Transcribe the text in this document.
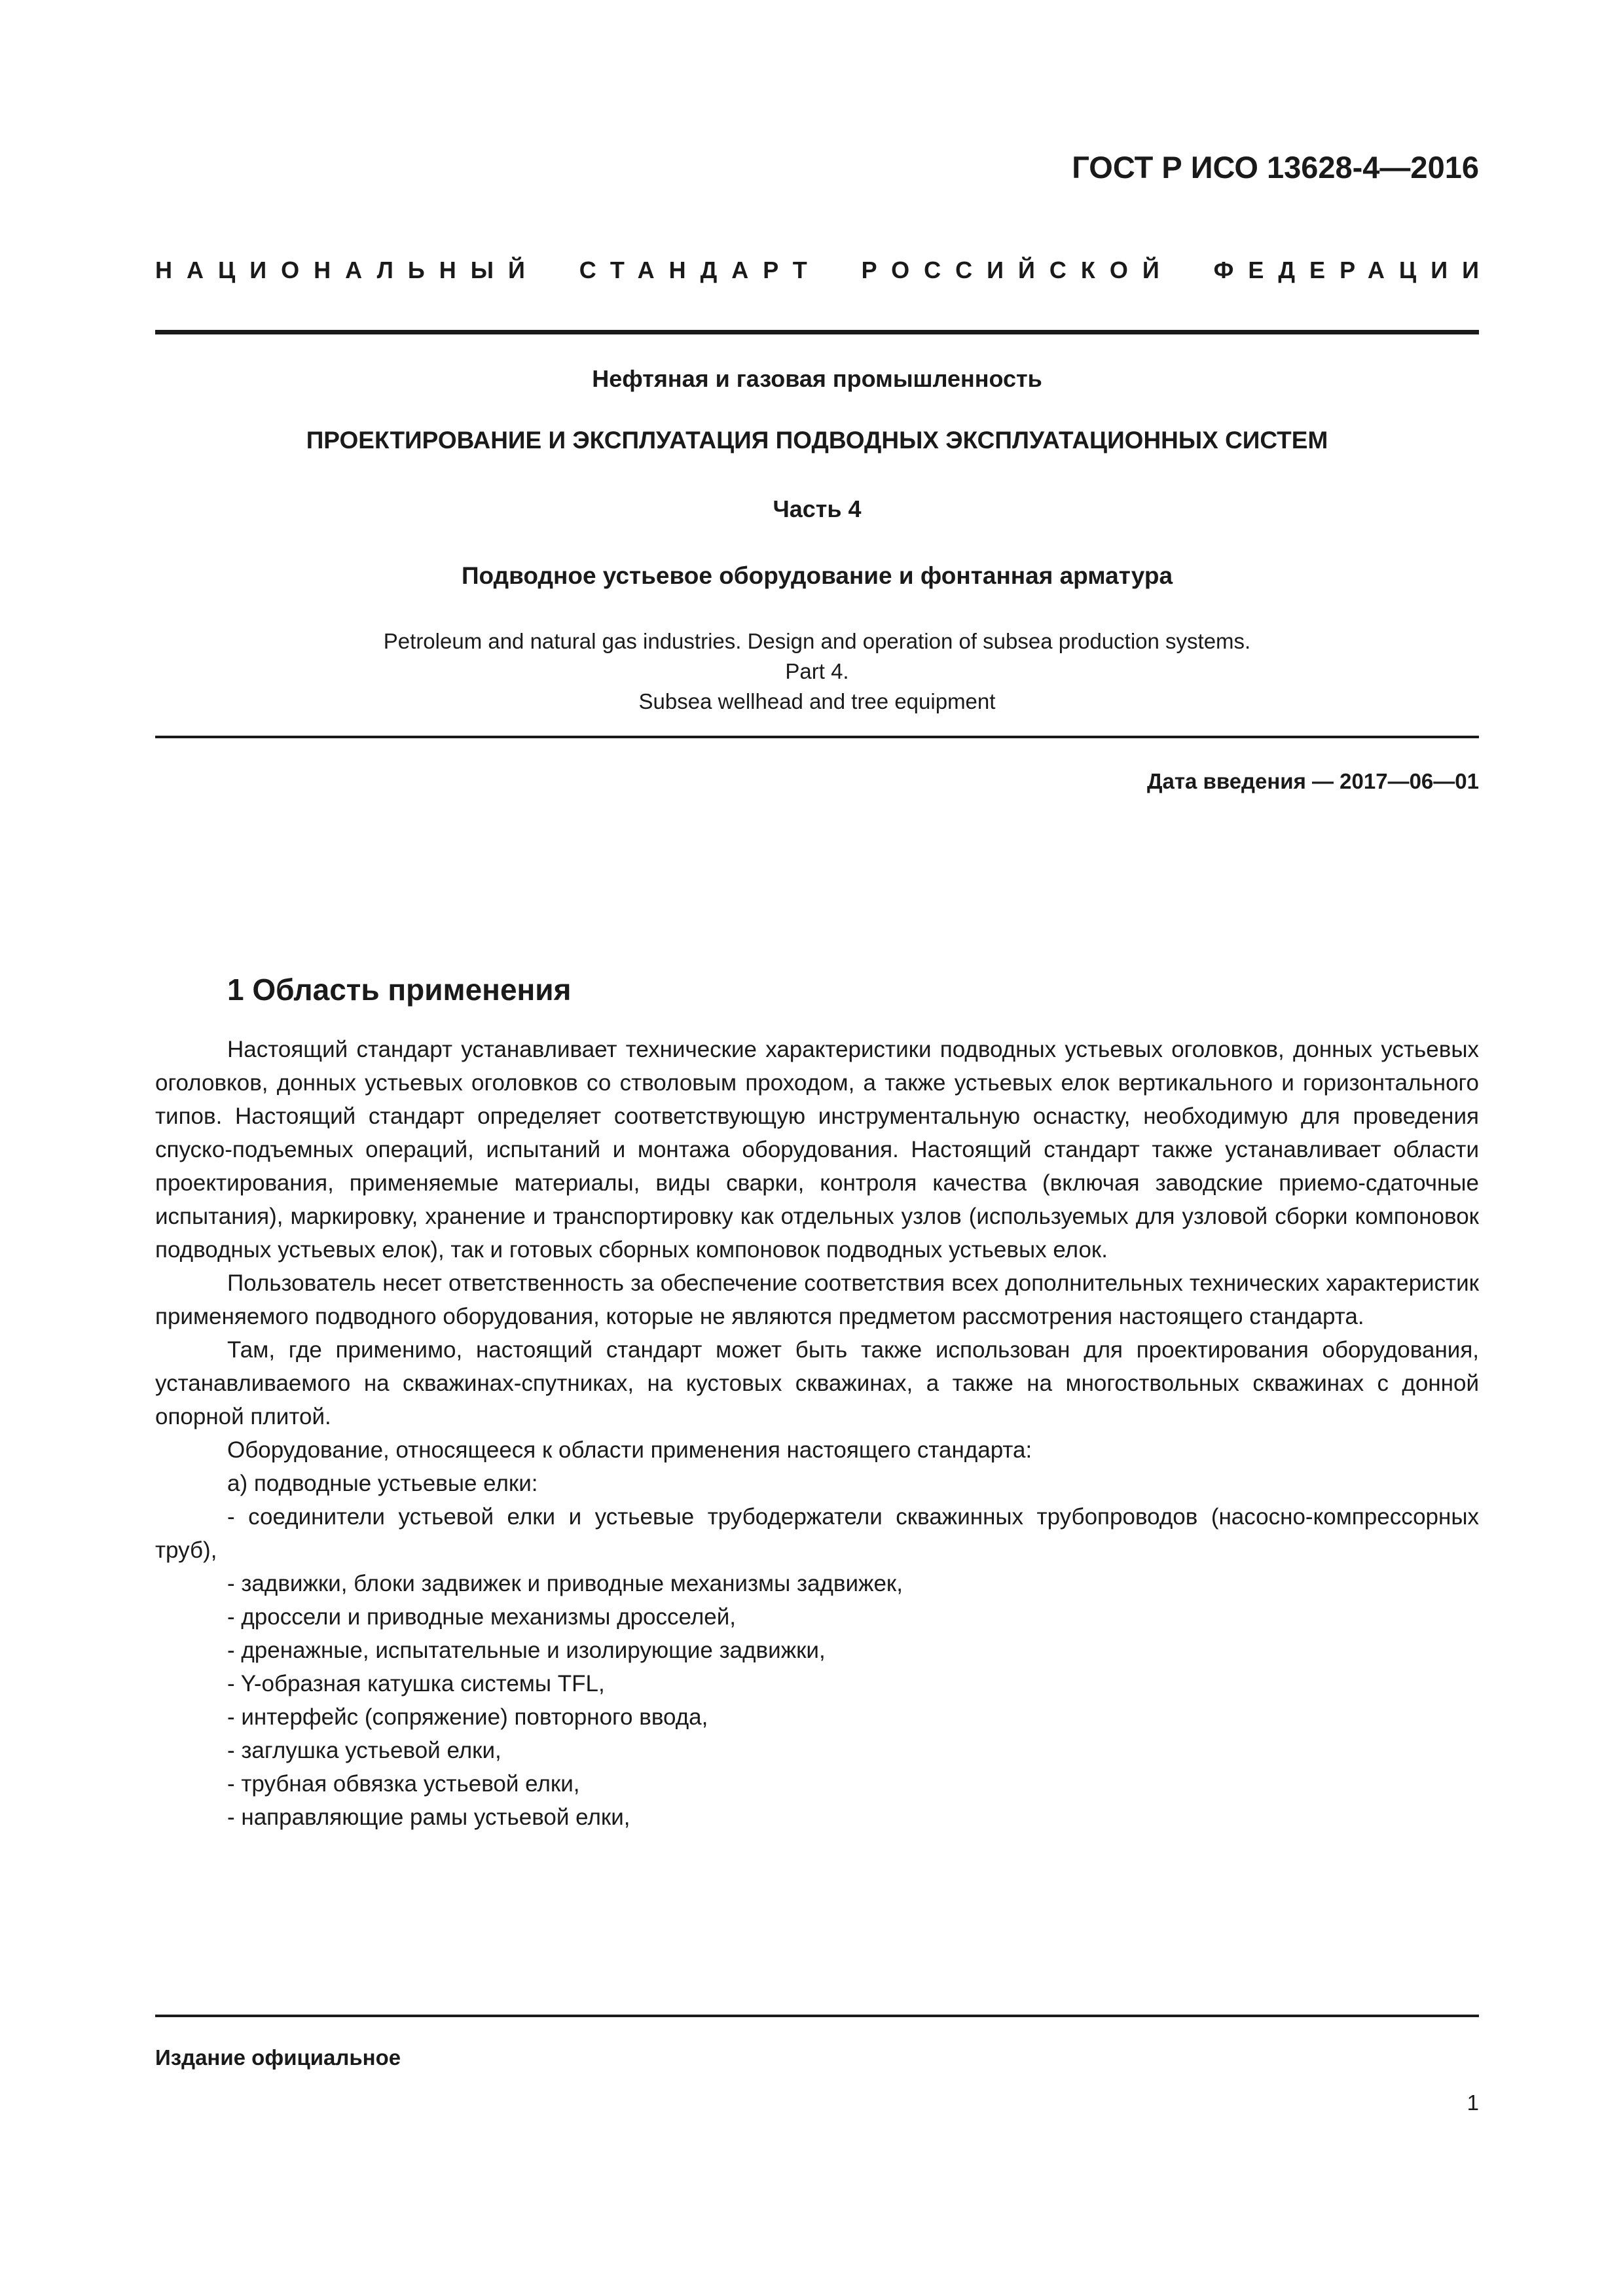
ГОСТ Р ИСО 13628-4—2016
НАЦИОНАЛЬНЫЙ СТАНДАРТ РОССИЙСКОЙ ФЕДЕРАЦИИ
Нефтяная и газовая промышленность
ПРОЕКТИРОВАНИЕ И ЭКСПЛУАТАЦИЯ ПОДВОДНЫХ ЭКСПЛУАТАЦИОННЫХ СИСТЕМ
Часть 4
Подводное устьевое оборудование и фонтанная арматура
Petroleum and natural gas industries. Design and operation of subsea production systems.
Part 4.
Subsea wellhead and tree equipment
Дата введения — 2017—06—01
1 Область применения

Настоящий стандарт устанавливает технические характеристики подводных устьевых оголовков, донных устьевых оголовков, донных устьевых оголовков со стволовым проходом, а также устьевых елок вертикального и горизонтального типов. Настоящий стандарт определяет соответствующую инструментальную оснастку, необходимую для проведения спуско-подъемных операций, испытаний и монтажа оборудования. Настоящий стандарт также устанавливает области проектирования, применяемые материалы, виды сварки, контроля качества (включая заводские приемо-сдаточные испытания), маркировку, хранение и транспортировку как отдельных узлов (используемых для узловой сборки компоновок подводных устьевых елок), так и готовых сборных компоновок подводных устьевых елок.

Пользователь несет ответственность за обеспечение соответствия всех дополнительных технических характеристик применяемого подводного оборудования, которые не являются предметом рассмотрения настоящего стандарта.

Там, где применимо, настоящий стандарт может быть также использован для проектирования оборудования, устанавливаемого на скважинах-спутниках, на кустовых скважинах, а также на многоствольных скважинах с донной опорной плитой.

Оборудование, относящееся к области применения настоящего стандарта:

а) подводные устьевые елки:

- соединители устьевой елки и устьевые трубодержатели скважинных трубопроводов (насосно-компрессорных труб),

- задвижки, блоки задвижек и приводные механизмы задвижек,

- дроссели и приводные механизмы дросселей,

- дренажные, испытательные и изолирующие задвижки,

- Y-образная катушка системы TFL,

- интерфейс (сопряжение) повторного ввода,

- заглушка устьевой елки,

- трубная обвязка устьевой елки,

- направляющие рамы устьевой елки,

Издание официальное
1
